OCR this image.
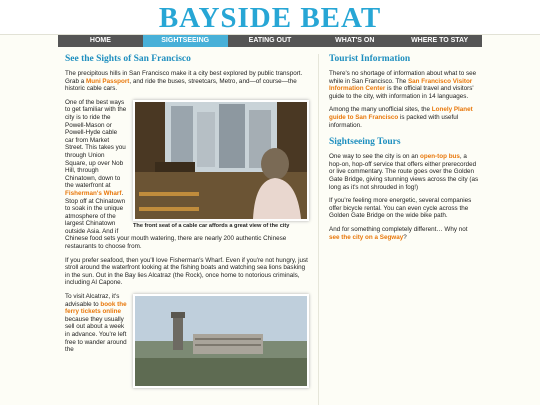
BAYSIDE BEAT
HOME	SIGHTSEEING	EATING OUT	WHAT'S ON	WHERE TO STAY
See the Sights of San Francisco

The precipitous hills in San Francisco make it a city best explored by public transport. Grab a Muni Passport, and ride the buses, streetcars, Metro, and—of course—the historic cable cars.

The front seat of a cable car affords a great view of the city

One of the best ways to get familiar with the city is to ride the Powell-Mason or Powell-Hyde cable car from Market Street. This takes you through Union Square, up over Nob Hill, through Chinatown, down to the waterfront at Fisherman's Wharf. Stop off at Chinatown to soak in the unique atmosphere of the largest Chinatown outside Asia. And if Chinese food sets your mouth watering, there are nearly 200 authentic Chinese restaurants to choose from.

If you prefer seafood, then you'll love Fisherman's Wharf. Even if you're not hungry, just stroll around the waterfront looking at the fishing boats and watching sea lions basking in the sun. Out in the Bay lies Alcatraz (the Rock), once home to notorious criminals, including Al Capone.

To visit Alcatraz, it's advisable to book the ferry tickets online because they usually sell out about a week in advance. You're left free to wander around the

Tourist Information

There's no shortage of information about what to see while in San Francisco. The San Francisco Visitor Information Center is the official travel and visitors' guide to the city, with information in 14 languages.

Among the many unofficial sites, the Lonely Planet guide to San Francisco is packed with useful information.

Sightseeing Tours

One way to see the city is on an open-top bus, a hop-on, hop-off service that offers either prerecorded or live commentary. The route goes over the Golden Gate Bridge, giving stunning views across the city (as long as it's not shrouded in fog!)

If you're feeling more energetic, several companies offer bicycle rental. You can even cycle across the Golden Gate Bridge on the wide bike path.

And for something completely different… Why not see the city on a Segway?
